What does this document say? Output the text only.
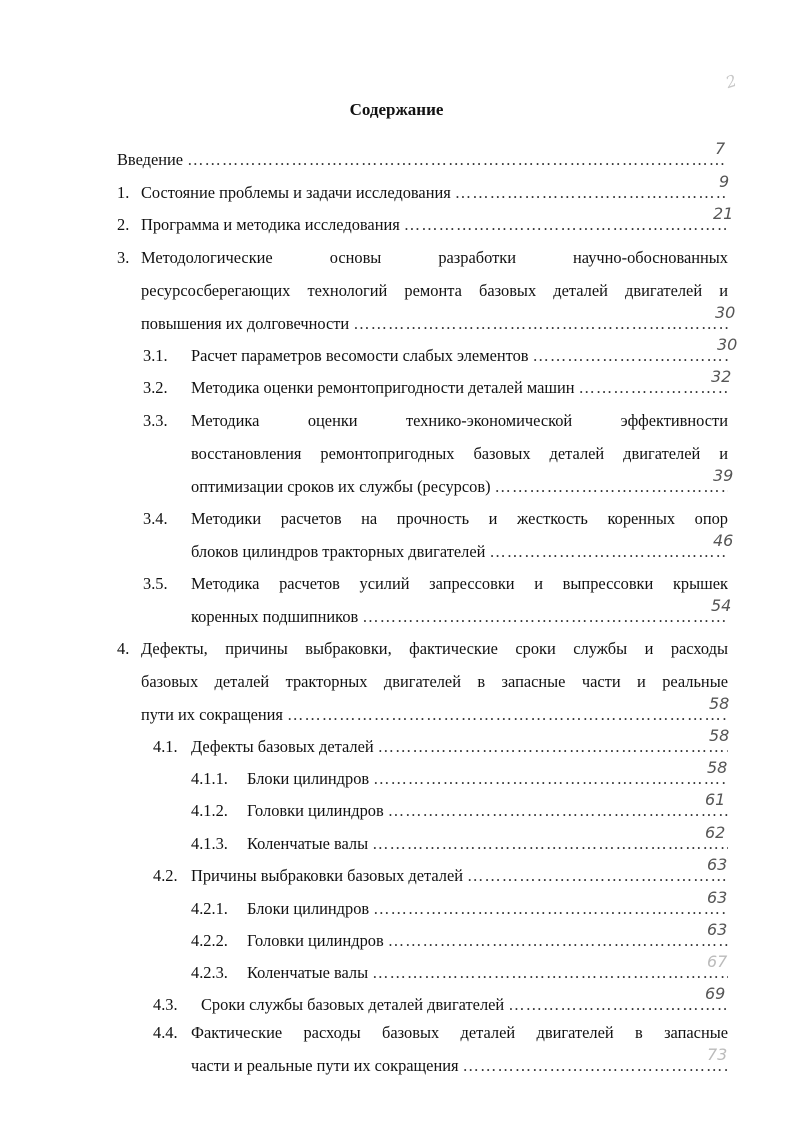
2
Содержание
Введение
……………………………………………………………………………………………………………………………………………………………………………………………………
7
1. Состояние проблемы и задачи исследования
……………………………………………………………………………………………………………………………………………………………………………………………………
9
2. Программа и методика исследования
……………………………………………………………………………………………………………………………………………………………………………………………………
21
3. Методологические основы разработки научно-обоснованных
ресурсосберегающих технологий ремонта базовых деталей двигателей и
повышения их долговечности
……………………………………………………………………………………………………………………………………………………………………………………………………
30
3.1. Расчет параметров весомости слабых элементов
……………………………………………………………………………………………………………………………………………………………………………………………………
30
3.2. Методика оценки ремонтопригодности деталей машин
……………………………………………………………………………………………………………………………………………………………………………………………………
32
3.3. Методика оценки технико-экономической эффективности
восстановления ремонтопригодных базовых деталей двигателей и
оптимизации сроков их службы (ресурсов)
……………………………………………………………………………………………………………………………………………………………………………………………………
39
3.4. Методики расчетов на прочность и жесткость коренных опор
блоков цилиндров тракторных двигателей
……………………………………………………………………………………………………………………………………………………………………………………………………
46
3.5. Методика расчетов усилий запрессовки и выпрессовки крышек
коренных подшипников
……………………………………………………………………………………………………………………………………………………………………………………………………
54
4. Дефекты, причины выбраковки, фактические сроки службы и расходы
базовых деталей тракторных двигателей в запасные части и реальные
пути их сокращения
……………………………………………………………………………………………………………………………………………………………………………………………………
58
4.1. Дефекты базовых деталей
……………………………………………………………………………………………………………………………………………………………………………………………………
58
4.1.1. Блоки цилиндров
……………………………………………………………………………………………………………………………………………………………………………………………………
58
4.1.2. Головки цилиндров
……………………………………………………………………………………………………………………………………………………………………………………………………
61
4.1.3. Коленчатые валы
……………………………………………………………………………………………………………………………………………………………………………………………………
62
4.2. Причины выбраковки базовых деталей
……………………………………………………………………………………………………………………………………………………………………………………………………
63
4.2.1. Блоки цилиндров
……………………………………………………………………………………………………………………………………………………………………………………………………
63
4.2.2. Головки цилиндров
……………………………………………………………………………………………………………………………………………………………………………………………………
63
4.2.3. Коленчатые валы
……………………………………………………………………………………………………………………………………………………………………………………………………
67
4.3. Сроки службы базовых деталей двигателей
……………………………………………………………………………………………………………………………………………………………………………………………………
69
4.4. Фактические расходы базовых деталей двигателей в запасные
части и реальные пути их сокращения
……………………………………………………………………………………………………………………………………………………………………………………………………
73
